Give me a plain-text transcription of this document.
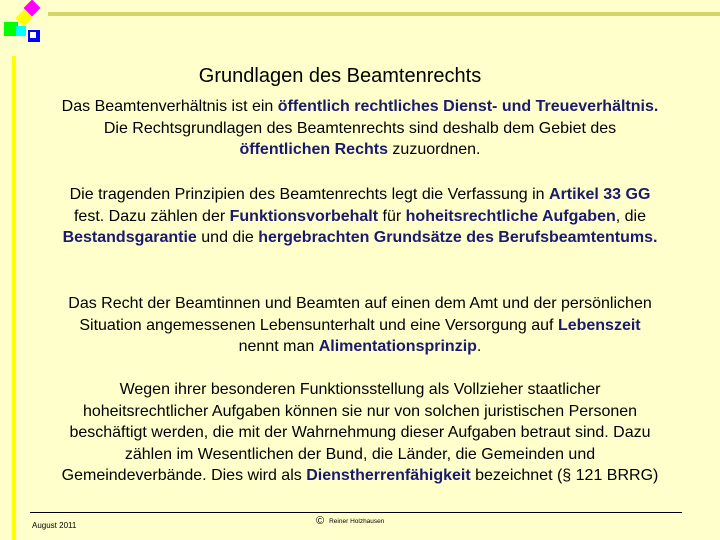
Grundlagen des Beamtenrechts

Das Beamtenverhältnis ist ein öffentlich rechtliches Dienst- und Treueverhältnis. Die Rechtsgrundlagen des Beamtenrechts sind deshalb dem Gebiet des öffentlichen Rechts zuzuordnen.

Die tragenden Prinzipien des Beamtenrechts legt die Verfassung in Artikel 33 GG fest. Dazu zählen der Funktionsvorbehalt für hoheitsrechtliche Aufgaben, die Bestandsgarantie und die hergebrachten Grundsätze des Berufsbeamtentums.

Das Recht der Beamtinnen und Beamten auf einen dem Amt und der persönlichen Situation angemessenen Lebensunterhalt und eine Versorgung auf Lebenszeit nennt man Alimentationsprinzip.

Wegen ihrer besonderen Funktionsstellung als Vollzieher staatlicher hoheitsrechtlicher Aufgaben können sie nur von solchen juristischen Personen beschäftigt werden, die mit der Wahrnehmung dieser Aufgaben betraut sind. Dazu zählen im Wesentlichen der Bund, die Länder, die Gemeinden und Gemeindeverbände. Dies wird als Dienstherrenfähigkeit bezeichnet (§ 121 BRRG)

August 2011	© Reiner Holzhausen
